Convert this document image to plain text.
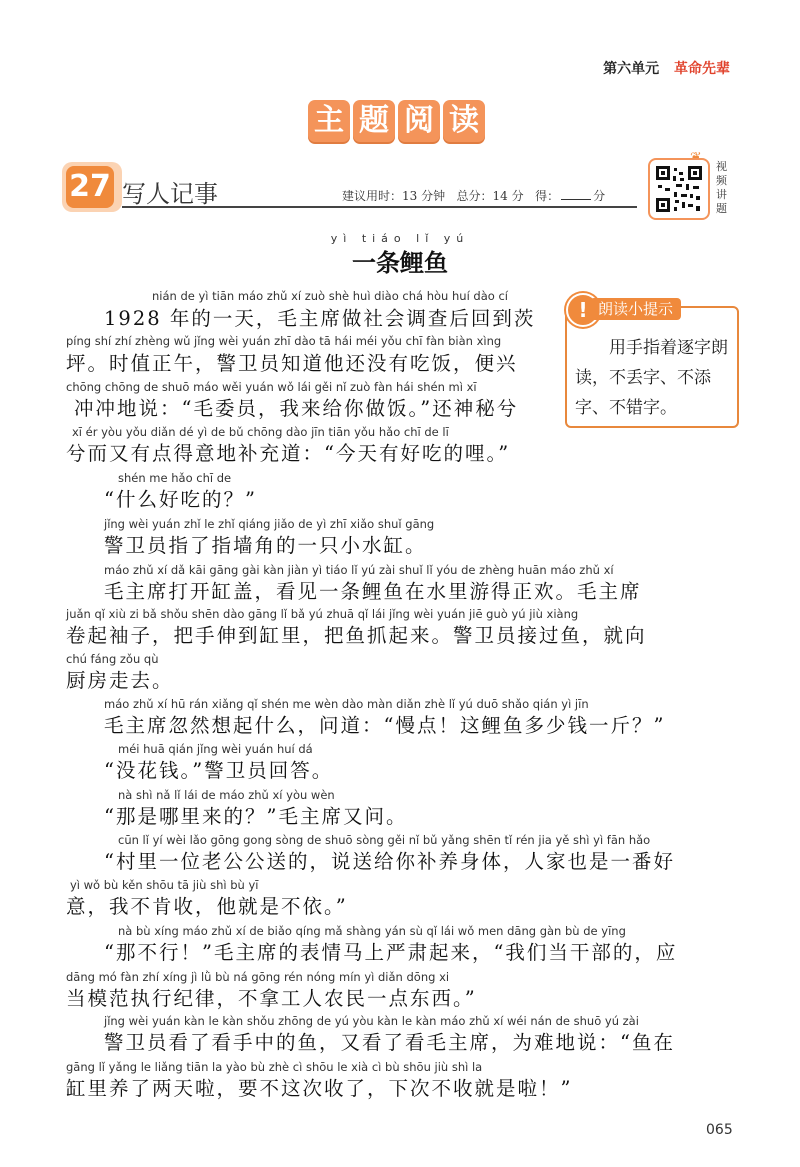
第六单元 革命先辈
主 题 阅 读
27 写人记事	建议用时：13 分钟 总分：14 分 得：	分
视频讲题
yì tiáo lǐ yú
一条鲤鱼
! 朗读小提示
用手指着逐字朗读，不丢字、不添字、不错字。
nián de yì tiān máo zhǔ xí zuò shè huì diào chá hòu huí dào cí
1928 年的一天，毛主席做社会调查后回到茨
píng shí zhí zhèng wǔ jǐng wèi yuán zhī dào tā hái méi yǒu chī fàn biàn xìng
坪。时值正午，警卫员知道他还没有吃饭，便兴
chōng chōng de shuō máo wěi yuán wǒ lái gěi nǐ zuò fàn hái shén mì xī
冲冲地说：“毛委员，我来给你做饭。”还神秘兮
xī ér yòu yǒu diǎn dé yì de bǔ chōng dào jīn tiān yǒu hǎo chī de lī
兮而又有点得意地补充道：“今天有好吃的哩。”
shén me hǎo chī de
“什么好吃的？”
jǐng wèi yuán zhǐ le zhǐ qiáng jiǎo de yì zhī xiǎo shuǐ gāng
警卫员指了指墙角的一只小水缸。
máo zhǔ xí dǎ kāi gāng gài kàn jiàn yì tiáo lǐ yú zài shuǐ lǐ yóu de zhèng huān máo zhǔ xí
毛主席打开缸盖，看见一条鲤鱼在水里游得正欢。毛主席
juǎn qǐ xiù zi bǎ shǒu shēn dào gāng lǐ bǎ yú zhuā qǐ lái jǐng wèi yuán jiē guò yú jiù xiàng
卷起袖子，把手伸到缸里，把鱼抓起来。警卫员接过鱼，就向
chú fáng zǒu qù
厨房走去。
máo zhǔ xí hū rán xiǎng qǐ shén me wèn dào màn diǎn zhè lǐ yú duō shǎo qián yì jīn
毛主席忽然想起什么，问道：“慢点！这鲤鱼多少钱一斤？”
méi huā qián jǐng wèi yuán huí dá
“没花钱。”警卫员回答。
nà shì nǎ lǐ lái de máo zhǔ xí yòu wèn
“那是哪里来的？”毛主席又问。
cūn lǐ yí wèi lǎo gōng gong sòng de shuō sòng gěi nǐ bǔ yǎng shēn tǐ rén jia yě shì yì fān hǎo
“村里一位老公公送的，说送给你补养身体，人家也是一番好
yì wǒ bù kěn shōu tā jiù shì bù yī
意，我不肯收，他就是不依。”
nà bù xíng máo zhǔ xí de biǎo qíng mǎ shàng yán sù qǐ lái wǒ men dāng gàn bù de yīng
“那不行！”毛主席的表情马上严肃起来，“我们当干部的，应
dāng mó fàn zhí xíng jì lǜ bù ná gōng rén nóng mín yì diǎn dōng xi
当模范执行纪律，不拿工人农民一点东西。”
jǐng wèi yuán kàn le kàn shǒu zhōng de yú yòu kàn le kàn máo zhǔ xí wéi nán de shuō yú zài
警卫员看了看手中的鱼，又看了看毛主席，为难地说：“鱼在
gāng lǐ yǎng le liǎng tiān la yào bù zhè cì shōu le xià cì bù shōu jiù shì la
缸里养了两天啦，要不这次收了，下次不收就是啦！”
065
